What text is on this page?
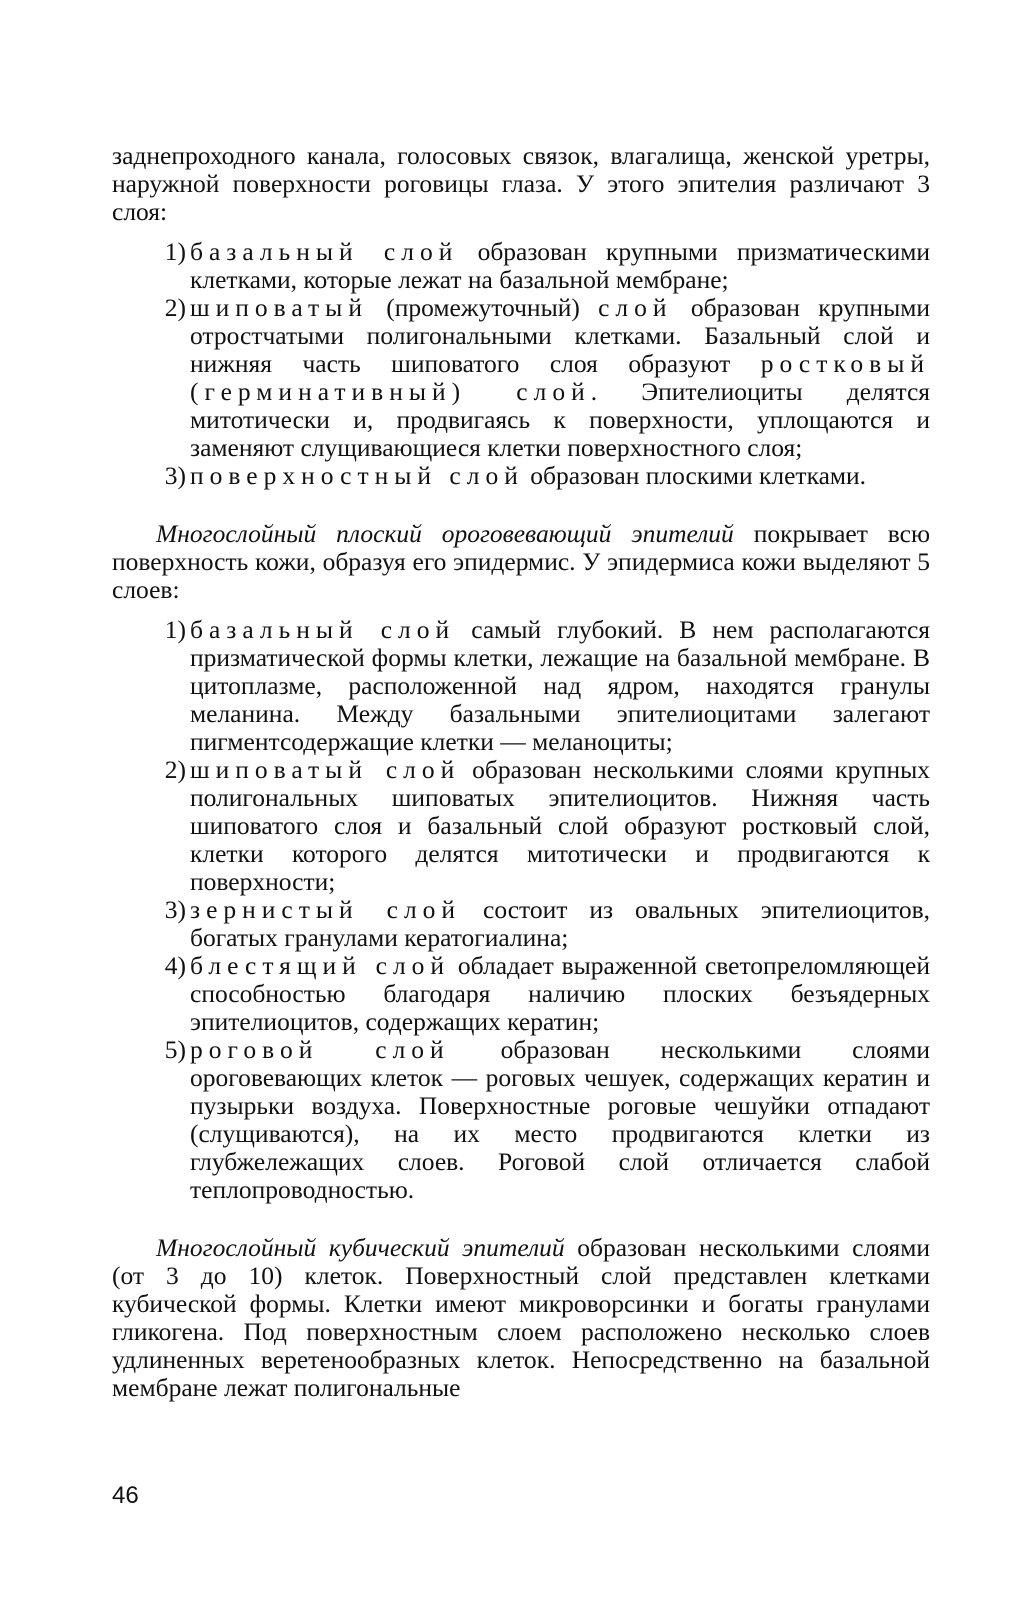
заднепроходного канала, голосовых связок, влагалища, женской уретры, наружной поверхности роговицы глаза. У этого эпителия различают 3 слоя:

1) базальный слой образован крупными призматическими клетками, которые лежат на базальной мембране;

2) шиповатый (промежуточный) слой образован крупными отростчатыми полигональными клетками. Базальный слой и нижняя часть шиповатого слоя образуют ростковый (герминативный) слой. Эпителиоциты делятся митотически и, продвигаясь к поверхности, уплощаются и заменяют слущивающиеся клетки поверхностного слоя;

3) поверхностный слой образован плоскими клетками.

Многослойный плоский ороговевающий эпителий покрывает всю поверхность кожи, образуя его эпидермис. У эпидермиса кожи выделяют 5 слоев:

1) базальный слой самый глубокий. В нем располагаются призматической формы клетки, лежащие на базальной мембране. В цитоплазме, расположенной над ядром, находятся гранулы меланина. Между базальными эпителиоцитами залегают пигментсодержащие клетки — меланоциты;

2) шиповатый слой образован несколькими слоями крупных полигональных шиповатых эпителиоцитов. Нижняя часть шиповатого слоя и базальный слой образуют ростковый слой, клетки которого делятся митотически и продвигаются к поверхности;

3) зернистый слой состоит из овальных эпителиоцитов, богатых гранулами кератогиалина;

4) блестящий слой обладает выраженной светопреломляющей способностью благодаря наличию плоских безъядерных эпителиоцитов, содержащих кератин;

5) роговой слой образован несколькими слоями ороговевающих клеток — роговых чешуек, содержащих кератин и пузырьки воздуха. Поверхностные роговые чешуйки отпадают (слущиваются), на их место продвигаются клетки из глубжележащих слоев. Роговой слой отличается слабой теплопроводностью.

Многослойный кубический эпителий образован несколькими слоями (от 3 до 10) клеток. Поверхностный слой представлен клетками кубической формы. Клетки имеют микроворсинки и богаты гранулами гликогена. Под поверхностным слоем расположено несколько слоев удлиненных веретенообразных клеток. Непосредственно на базальной мембране лежат полигональные

46
